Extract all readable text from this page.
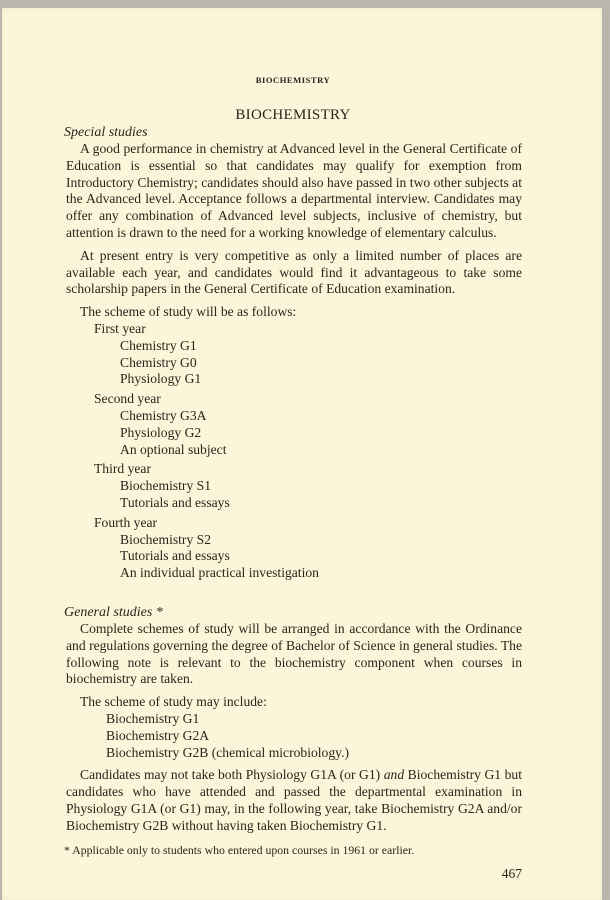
BIOCHEMISTRY
BIOCHEMISTRY
Special studies

A good performance in chemistry at Advanced level in the General Certificate of Education is essential so that candidates may qualify for exemption from Introductory Chemistry; candidates should also have passed in two other subjects at the Advanced level. Acceptance follows a departmental interview. Candidates may offer any combination of Advanced level subjects, inclusive of chemistry, but attention is drawn to the need for a working knowledge of elementary calculus.

At present entry is very competitive as only a limited number of places are available each year, and candidates would find it advantageous to take some scholarship papers in the General Certificate of Education examination.

The scheme of study will be as follows:
First year
Chemistry G1
Chemistry G0
Physiology G1
Second year
Chemistry G3A
Physiology G2
An optional subject
Third year
Biochemistry S1
Tutorials and essays
Fourth year
Biochemistry S2
Tutorials and essays
An individual practical investigation
General studies *

Complete schemes of study will be arranged in accordance with the Ordinance and regulations governing the degree of Bachelor of Science in general studies. The following note is relevant to the biochemistry component when courses in biochemistry are taken.

The scheme of study may include:
Biochemistry G1
Biochemistry G2A
Biochemistry G2B (chemical microbiology.)

Candidates may not take both Physiology G1A (or G1) and Biochemistry G1 but candidates who have attended and passed the departmental examination in Physiology G1A (or G1) may, in the following year, take Biochemistry G2A and/or Biochemistry G2B without having taken Biochemistry G1.

* Applicable only to students who entered upon courses in 1961 or earlier.
467
